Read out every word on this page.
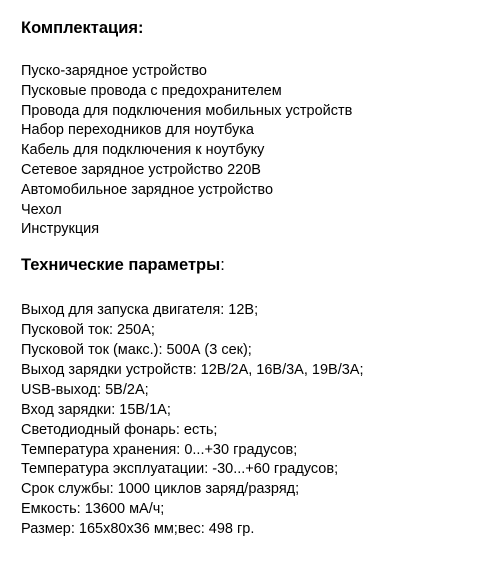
Комплектация:
Пуско-зарядное устройство
Пусковые провода с предохранителем
Провода для подключения мобильных устройств
Набор переходников для ноутбука
Кабель для подключения к ноутбуку
Сетевое зарядное устройство 220В
Автомобильное зарядное устройство
Чехол
Инструкция
Технические параметры:
Выход для запуска двигателя: 12В;
Пусковой ток: 250А;
Пусковой ток (макс.): 500А (3 сек);
Выход зарядки устройств: 12В/2А, 16В/3А, 19В/3А;
USB-выход: 5В/2А;
Вход зарядки: 15В/1А;
Светодиодный фонарь: есть;
Температура хранения: 0...+30 градусов;
Температура эксплуатации: -30...+60 градусов;
Срок службы: 1000 циклов заряд/разряд;
Емкость: 13600 мА/ч;
Размер: 165х80х36 мм;вес: 498 гр.
